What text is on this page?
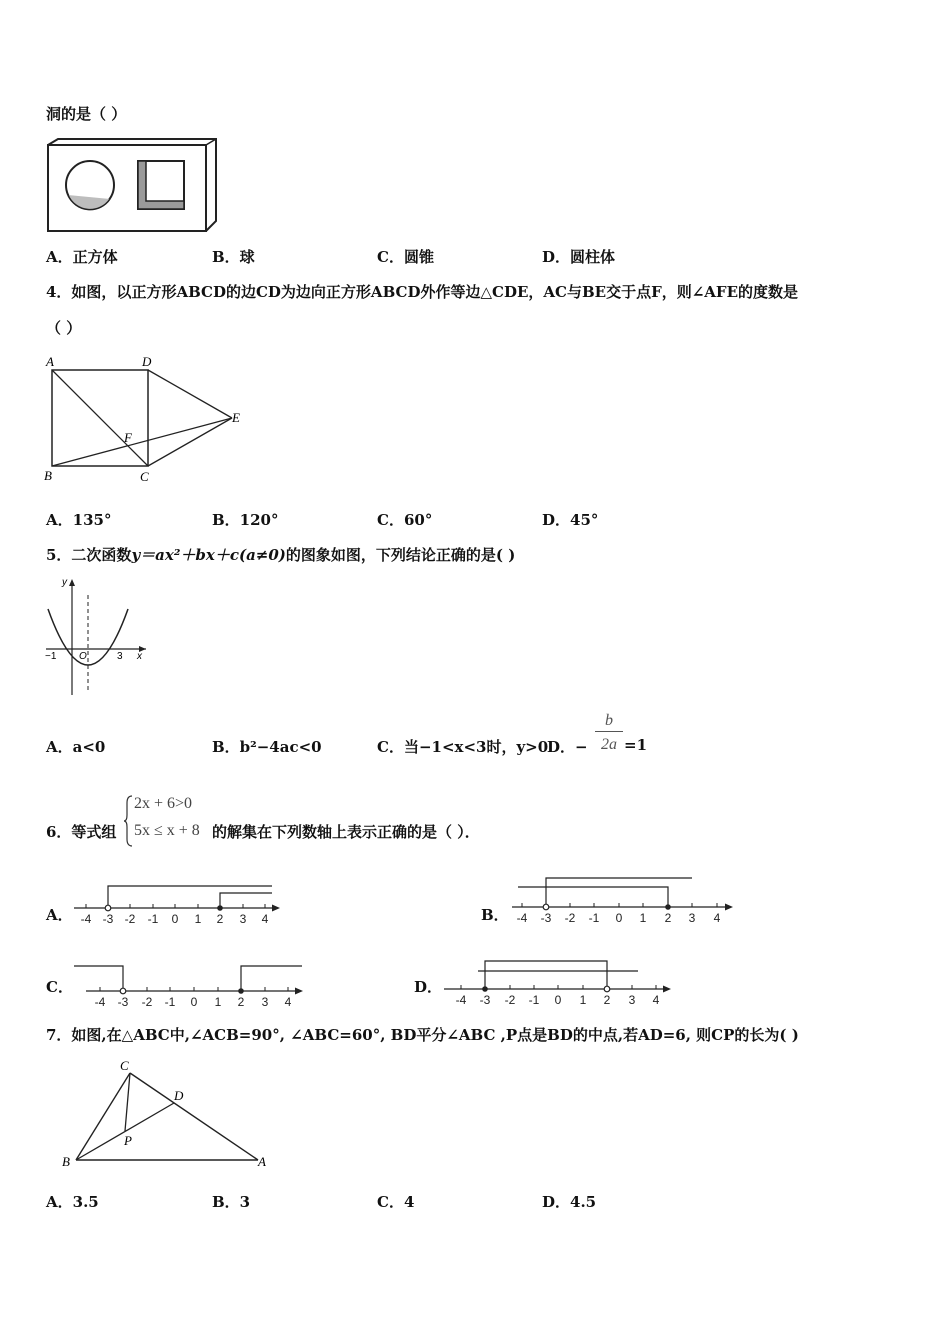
洞的是（ ）
A．正方体	B．球	C．圆锥	D．圆柱体
4．如图，以正方形ABCD的边CD为边向正方形ABCD外作等边△CDE，AC与BE交于点F，则∠AFE的度数是
（ ）
A	D
E
F
B	C
A．135°	B．120°	C．60°	D．45°
5．二次函数y＝ax²＋bx＋c(a≠0)的图象如图，下列结论正确的是( )
y
x
O
−1	3
A．a<0	B．b²−4ac<0	C．当−1<x<3时，y>0
D．−
b
2a =1
6．等式组
2x + 6>0
5x ≤ x + 8 的解集在下列数轴上表示正确的是（ ）．
A． -4 -3 -2 -1 0 1 2 3 4	B． -4 -3 -2 -1 0 1 2 3 4
C．
-4 -3 -2 -1 0 1 2 3 4
D．
-4 -3 -2 -1 0 1 2 3 4
7．如图,在△ABC中,∠ACB=90°, ∠ABC=60°, BD平分∠ABC ,P点是BD的中点,若AD=6, 则CP的长为( )
C
D
P
B	A
A．3.5	B．3	C．4	D．4.5
